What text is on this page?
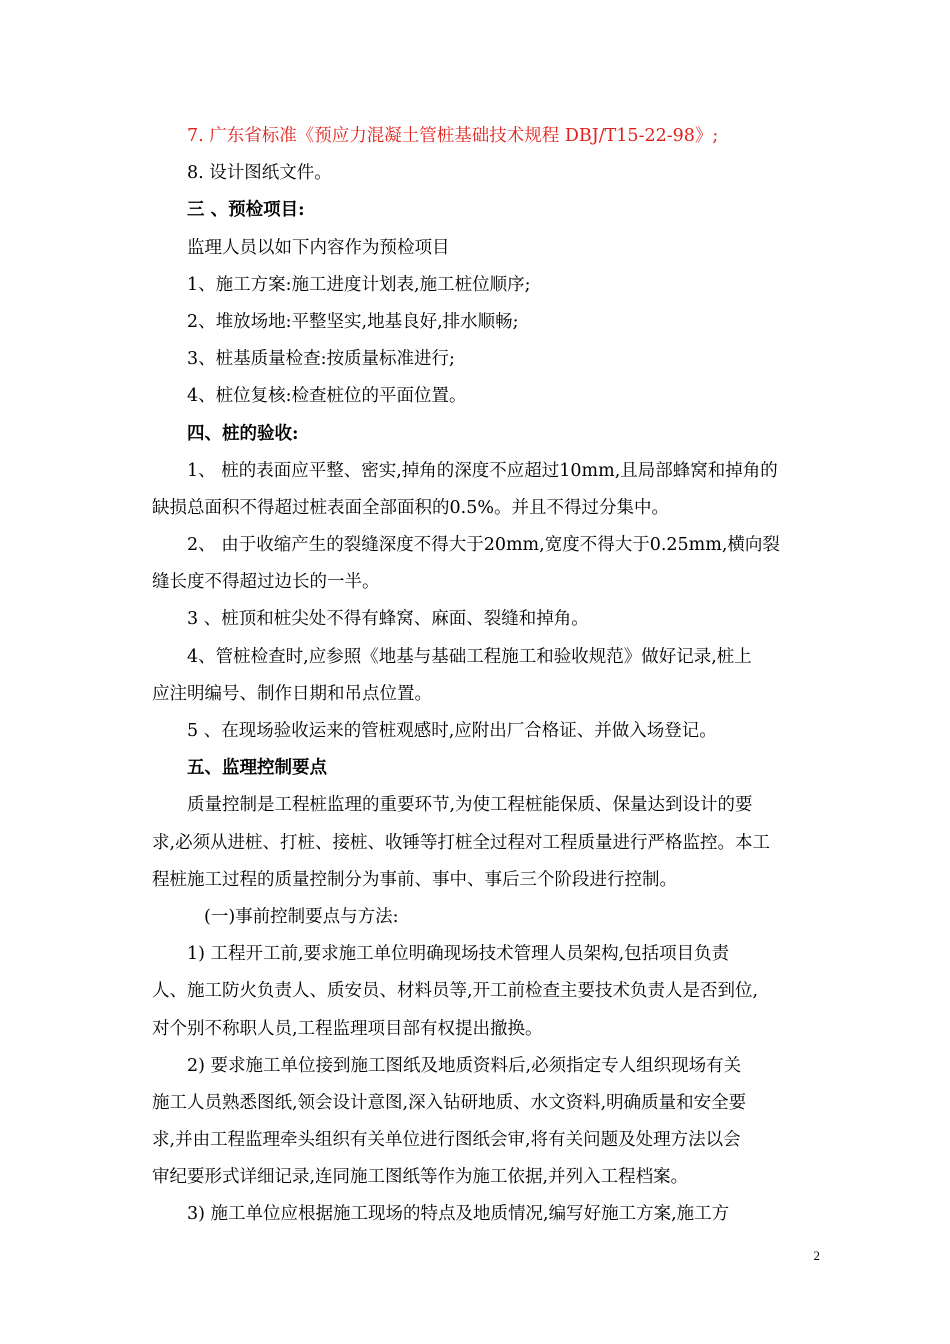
7. 广东省标准《预应力混凝土管桩基础技术规程 DBJ/T15-22-98》;
8. 设计图纸文件。
三 、预检项目:
监理人员以如下内容作为预检项目
1、施工方案:施工进度计划表,施工桩位顺序;
2、堆放场地:平整坚实,地基良好,排水顺畅;
3、桩基质量检查:按质量标准进行;
4、桩位复核:检查桩位的平面位置。
四、桩的验收:
1、 桩的表面应平整、密实,掉角的深度不应超过10mm,且局部蜂窝和掉角的
缺损总面积不得超过桩表面全部面积的0.5%。并且不得过分集中。
2、 由于收缩产生的裂缝深度不得大于20mm,宽度不得大于0.25mm,横向裂
缝长度不得超过边长的一半。
3 、桩顶和桩尖处不得有蜂窝、麻面、裂缝和掉角。
4、管桩检查时,应参照《地基与基础工程施工和验收规范》做好记录,桩上
应注明编号、制作日期和吊点位置。
5 、在现场验收运来的管桩观感时,应附出厂合格证、并做入场登记。
五、监理控制要点
质量控制是工程桩监理的重要环节,为使工程桩能保质、保量达到设计的要
求,必须从进桩、打桩、接桩、收锤等打桩全过程对工程质量进行严格监控。本工
程桩施工过程的质量控制分为事前、事中、事后三个阶段进行控制。
(一)事前控制要点与方法:
1) 工程开工前,要求施工单位明确现场技术管理人员架构,包括项目负责
人、施工防火负责人、质安员、材料员等,开工前检查主要技术负责人是否到位,
对个别不称职人员,工程监理项目部有权提出撤换。
2) 要求施工单位接到施工图纸及地质资料后,必须指定专人组织现场有关
施工人员熟悉图纸,领会设计意图,深入钻研地质、水文资料,明确质量和安全要
求,并由工程监理牵头组织有关单位进行图纸会审,将有关问题及处理方法以会
审纪要形式详细记录,连同施工图纸等作为施工依据,并列入工程档案。
3) 施工单位应根据施工现场的特点及地质情况,编写好施工方案,施工方
2
